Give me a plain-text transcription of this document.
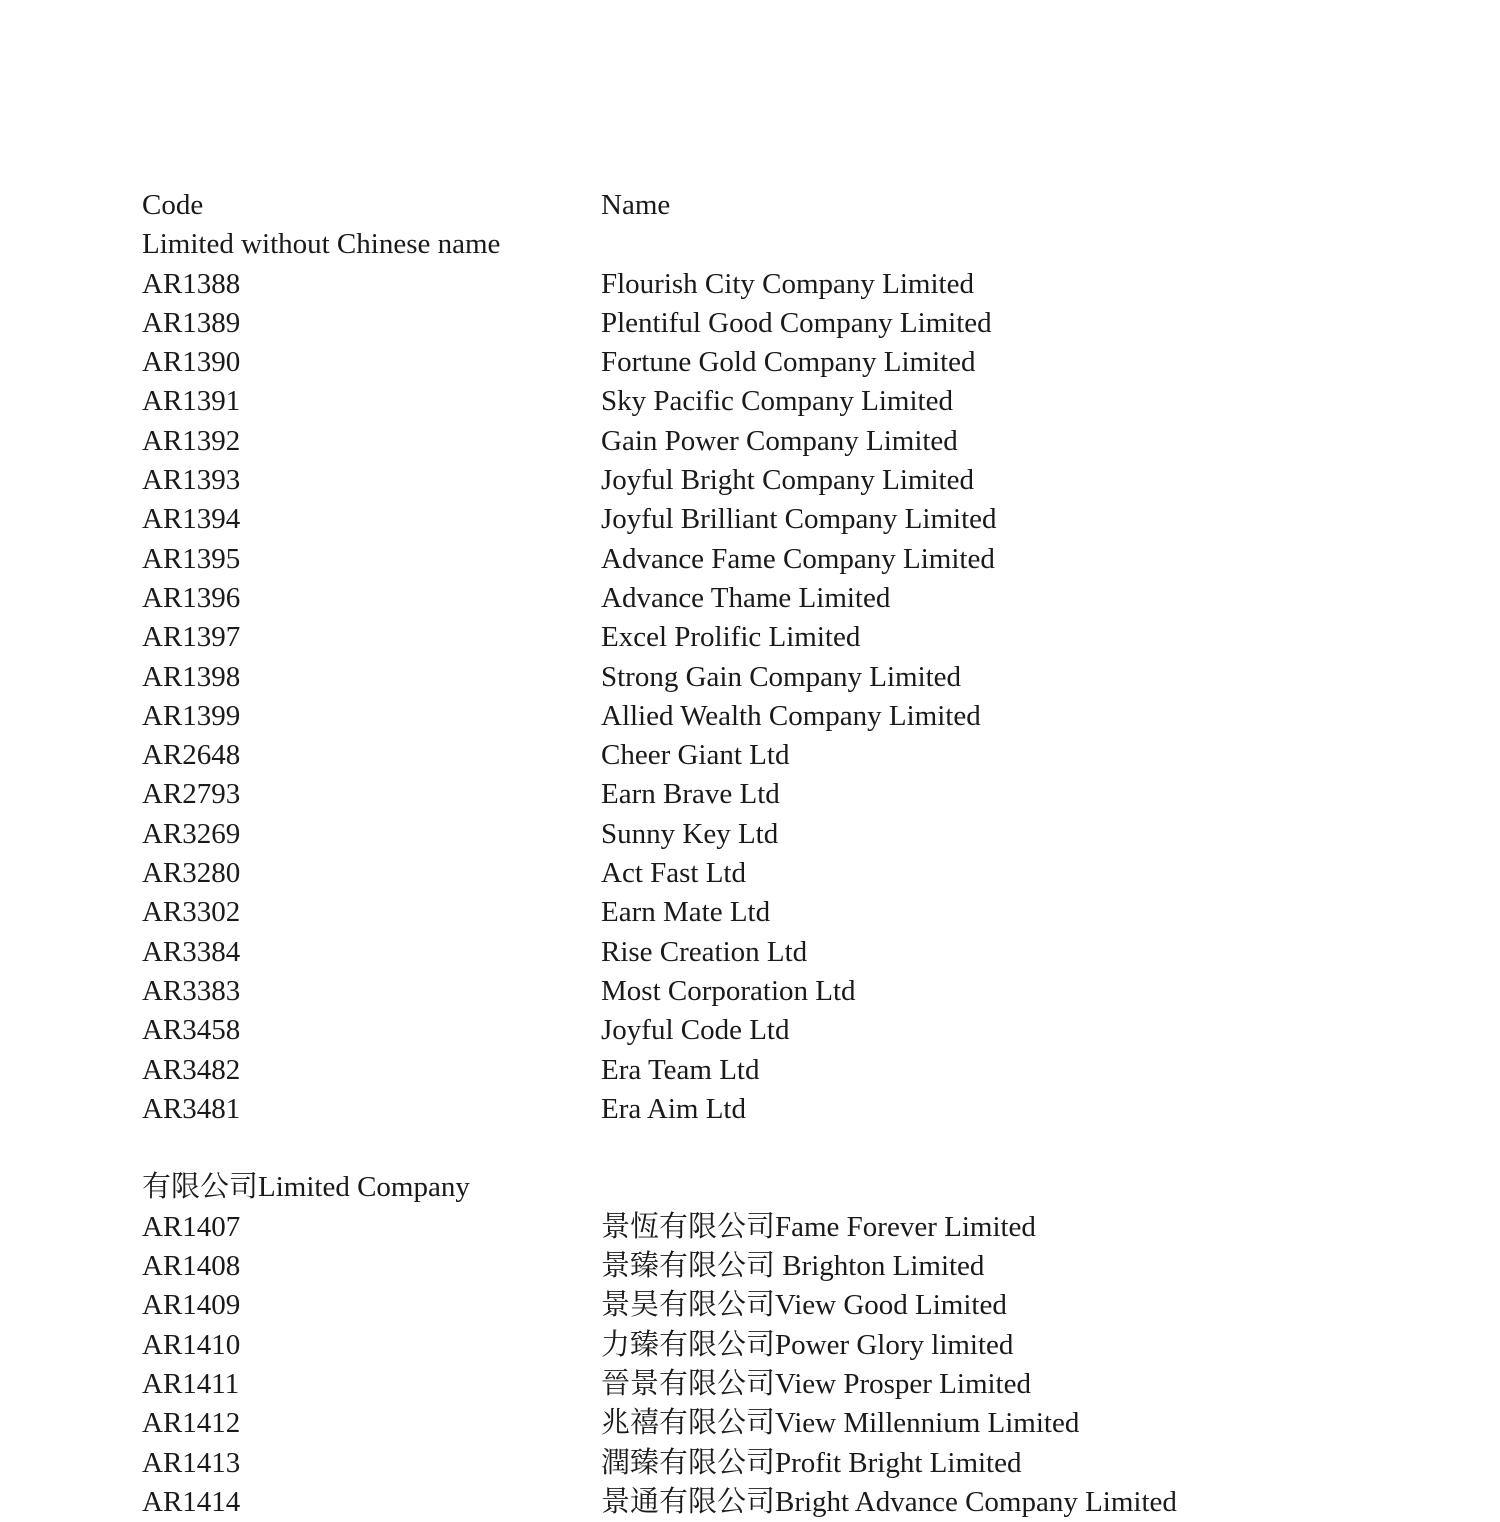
Code	Name
Limited without Chinese name
AR1388	Flourish City Company Limited
AR1389	Plentiful Good Company Limited
AR1390	Fortune Gold Company Limited
AR1391	Sky Pacific Company Limited
AR1392	Gain Power Company Limited
AR1393	Joyful Bright Company Limited
AR1394	Joyful Brilliant Company Limited
AR1395	Advance Fame Company Limited
AR1396	Advance Thame Limited
AR1397	Excel Prolific Limited
AR1398	Strong Gain Company Limited
AR1399	Allied Wealth Company Limited
AR2648	Cheer Giant Ltd
AR2793	Earn Brave Ltd
AR3269	Sunny Key Ltd
AR3280	Act Fast Ltd
AR3302	Earn Mate Ltd
AR3384	Rise Creation Ltd
AR3383	Most Corporation Ltd
AR3458	Joyful Code Ltd
AR3482	Era Team Ltd
AR3481	Era Aim Ltd
有限公司Limited Company
AR1407	景恆有限公司Fame Forever Limited
AR1408	景臻有限公司 Brighton Limited
AR1409	景昊有限公司View Good Limited
AR1410	力臻有限公司Power Glory limited
AR1411	晉景有限公司View Prosper Limited
AR1412	兆禧有限公司View Millennium Limited
AR1413	潤臻有限公司Profit Bright Limited
AR1414	景通有限公司Bright Advance Company Limited
